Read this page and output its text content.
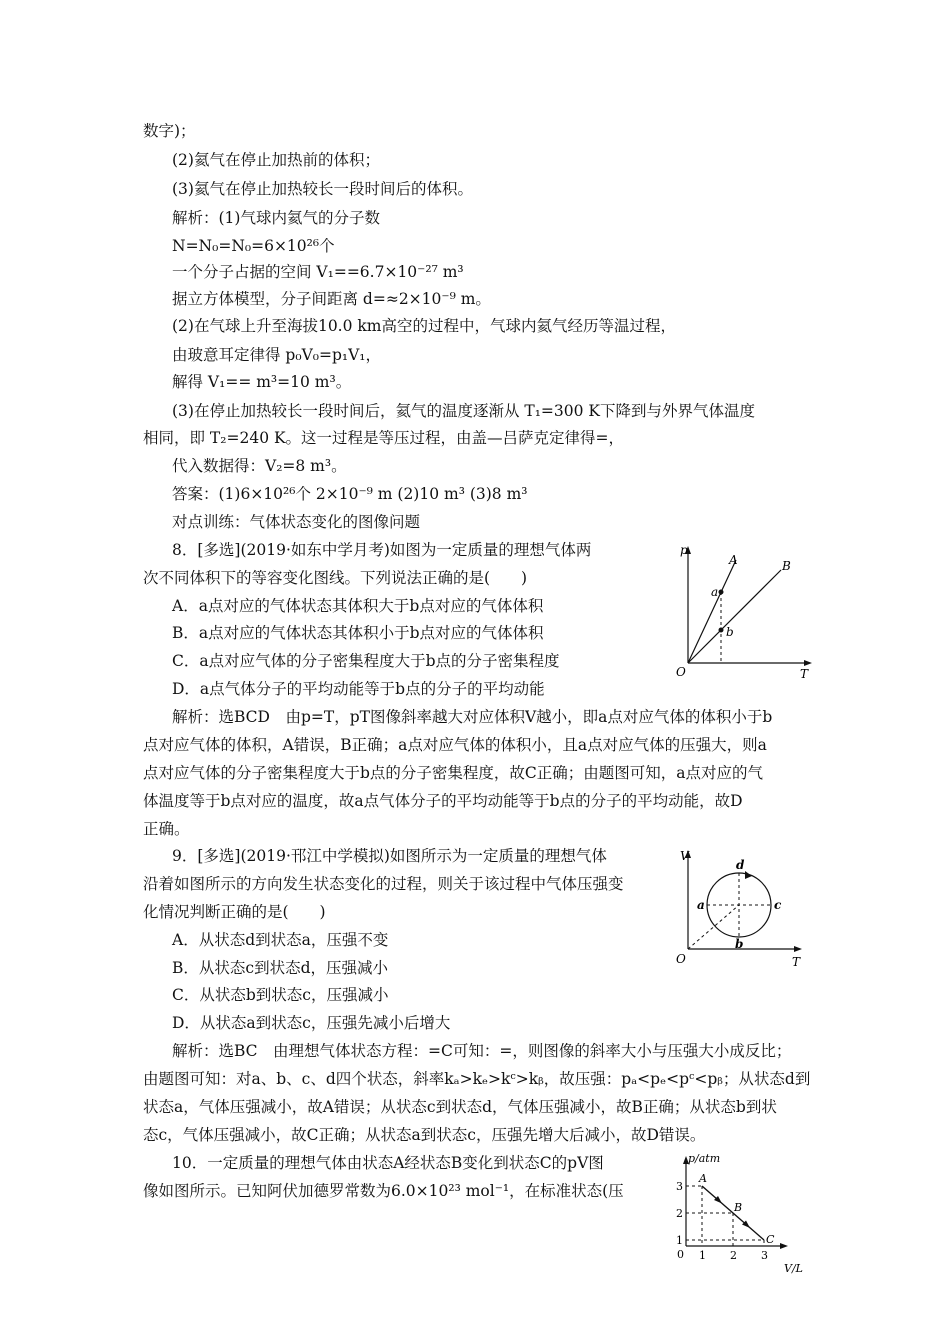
数字)；
(2)氦气在停止加热前的体积；
(3)氦气在停止加热较长一段时间后的体积。
解析：(1)气球内氦气的分子数
N=N₀=N₀=6×10²⁶个
一个分子占据的空间 V₁==6.7×10⁻²⁷ m³
据立方体模型，分子间距离 d=≈2×10⁻⁹ m。
(2)在气球上升至海拔10.0 km高空的过程中，气球内氦气经历等温过程，
由玻意耳定律得 p₀V₀=p₁V₁，
解得 V₁== m³=10 m³。
(3)在停止加热较长一段时间后，氦气的温度逐渐从 T₁=300 K下降到与外界气体温度
相同，即 T₂=240 K。这一过程是等压过程，由盖—吕萨克定律得=，
代入数据得：V₂=8 m³。
答案：(1)6×10²⁶个 2×10⁻⁹ m (2)10 m³ (3)8 m³
对点训练：气体状态变化的图像问题
8．[多选](2019·如东中学月考)如图为一定质量的理想气体两
次不同体积下的等容变化图线。下列说法正确的是(　　)
A．a点对应的气体状态其体积大于b点对应的气体体积
B．a点对应的气体状态其体积小于b点对应的气体体积
C．a点对应气体的分子密集程度大于b点的分子密集程度
D．a点气体分子的平均动能等于b点的分子的平均动能
解析：选BCD　由p=T，pT图像斜率越大对应体积V越小，即a点对应气体的体积小于b
点对应气体的体积，A错误，B正确；a点对应气体的体积小，且a点对应气体的压强大，则a
点对应气体的分子密集程度大于b点的分子密集程度，故C正确；由题图可知，a点对应的气
体温度等于b点对应的温度，故a点气体分子的平均动能等于b点的分子的平均动能，故D
正确。
9．[多选](2019·邗江中学模拟)如图所示为一定质量的理想气体
沿着如图所示的方向发生状态变化的过程，则关于该过程中气体压强变
化情况判断正确的是(　　)
A．从状态d到状态a，压强不变
B．从状态c到状态d，压强减小
C．从状态b到状态c，压强减小
D．从状态a到状态c，压强先减小后增大
解析：选BC　由理想气体状态方程：=C可知：=，则图像的斜率大小与压强大小成反比；
由题图可知：对a、b、c、d四个状态，斜率kₐ>kₑ>kᶜ>kᵦ，故压强：pₐ<pₑ<pᶜ<pᵦ；从状态d到
状态a，气体压强减小，故A错误；从状态c到状态d，气体压强减小，故B正确；从状态b到状
态c，气体压强减小，故C正确；从状态a到状态c，压强先增大后减小，故D错误。
10．一定质量的理想气体由状态A经状态B变化到状态C的pV图
像如图所示。已知阿伏加德罗常数为6.0×10²³ mol⁻¹，在标准状态(压
p
A	B
a
b
O	T
V
d
a	c
b
O	T
p/atm
V/L
0
1
2
3
1 2 3
A
B
C
